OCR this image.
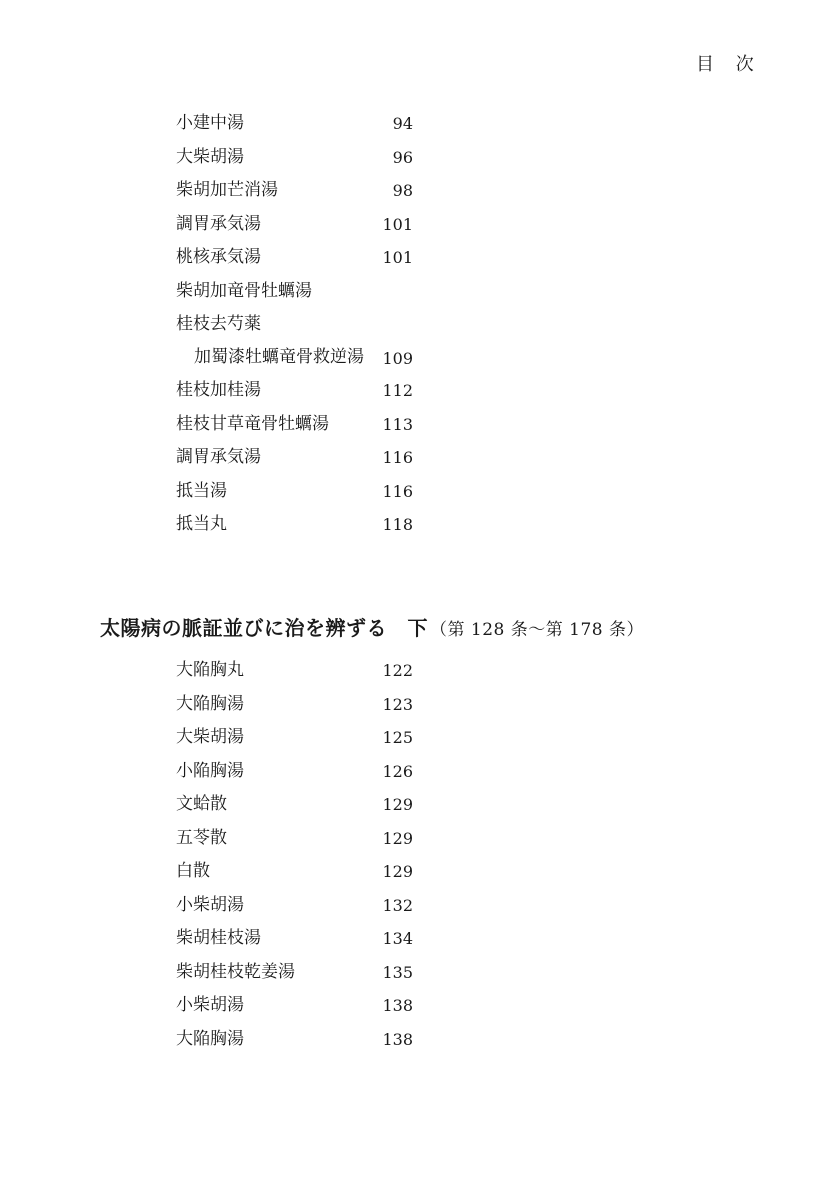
目 次
小建中湯	94
大柴胡湯	96
柴胡加芒消湯	98
調胃承気湯	101
桃核承気湯	101
柴胡加竜骨牡蠣湯
桂枝去芍薬
加蜀漆牡蠣竜骨救逆湯	109
桂枝加桂湯	112
桂枝甘草竜骨牡蠣湯	113
調胃承気湯	116
抵当湯	116
抵当丸	118
太陽病の脈証並びに治を辨ずる　下 （第 128 条〜第 178 条）
大陥胸丸	122
大陥胸湯	123
大柴胡湯	125
小陥胸湯	126
文蛤散	129
五苓散	129
白散	129
小柴胡湯	132
柴胡桂枝湯	134
柴胡桂枝乾姜湯	135
小柴胡湯	138
大陥胸湯	138
